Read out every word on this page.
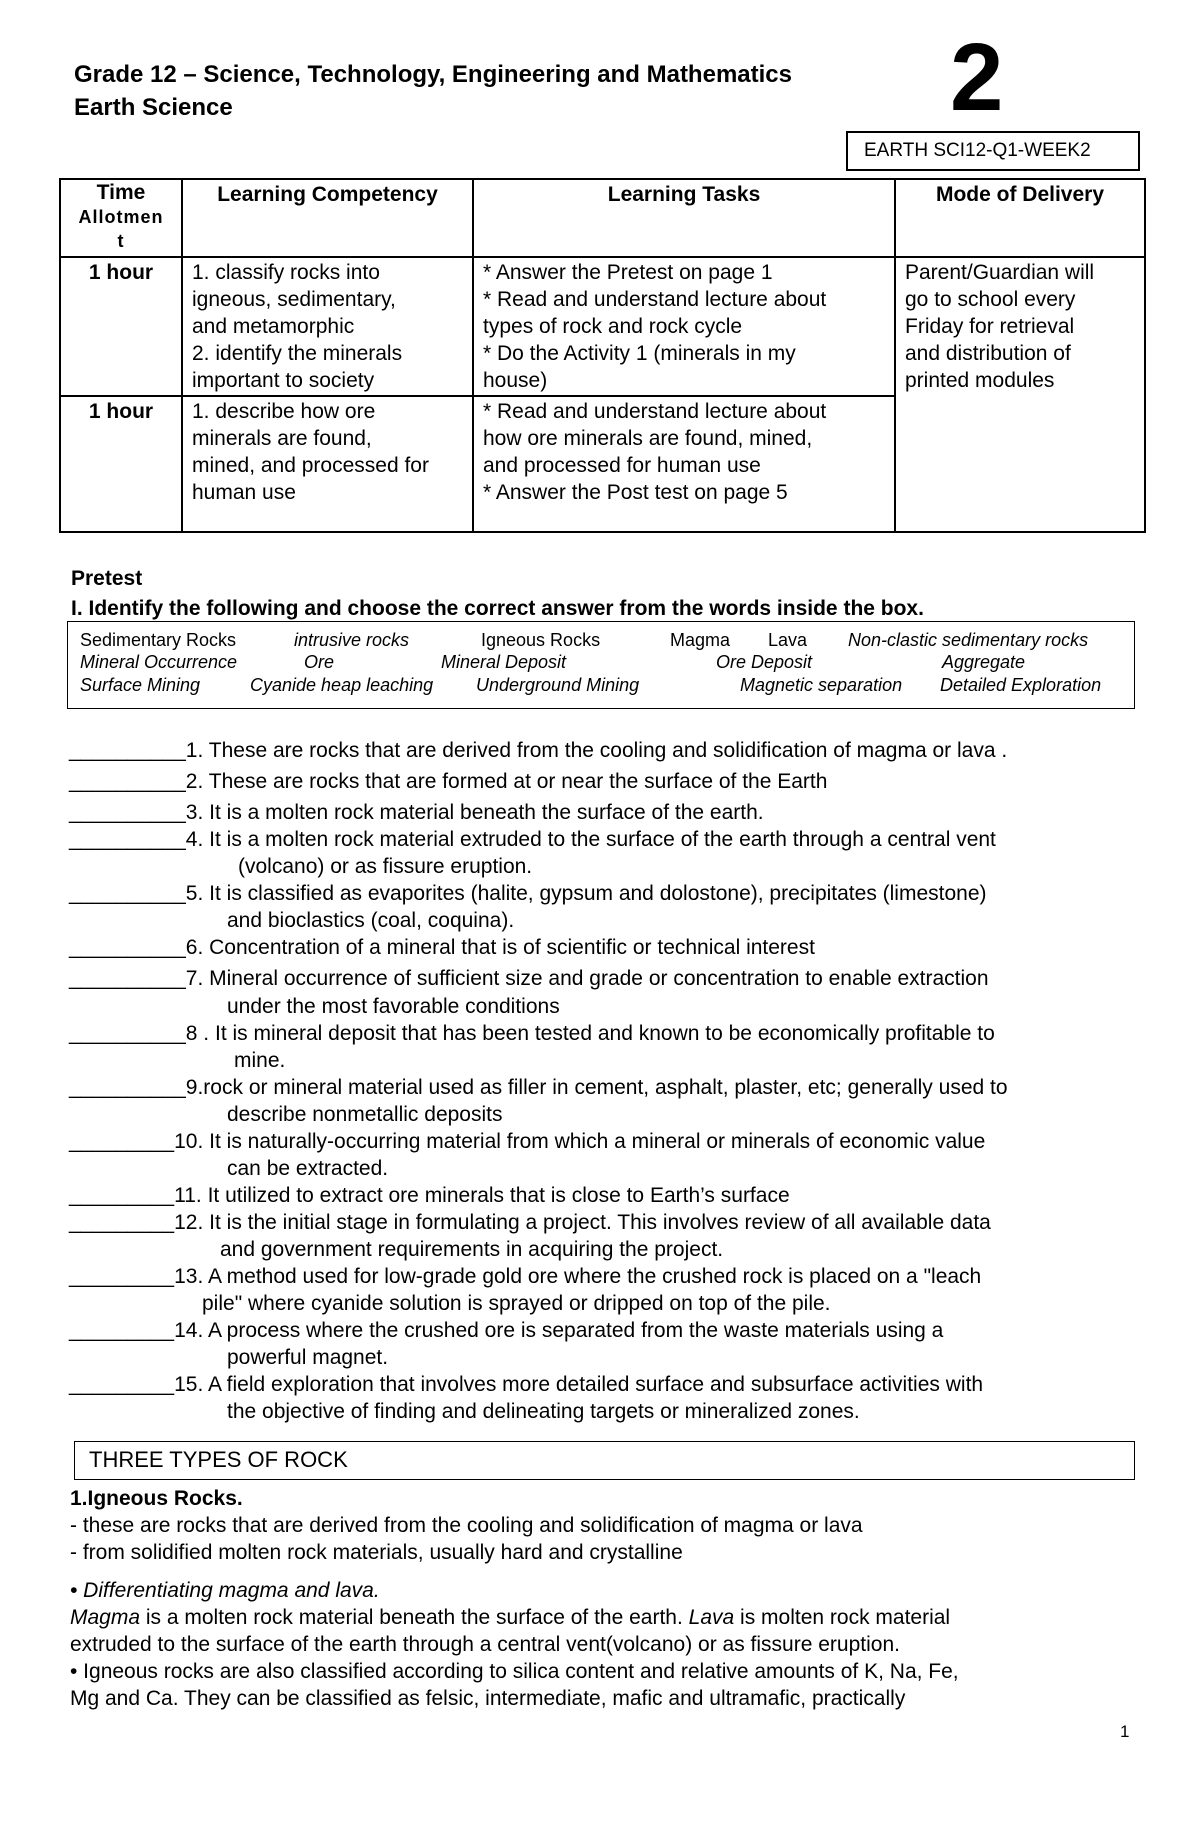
Grade 12 – Science, Technology, Engineering and Mathematics
Earth Science	2
EARTH SCI12-Q1-WEEK2
Time
Allotmen
t	Learning Competency	Learning Tasks	Mode of Delivery
1 hour	1. classify rocks into
igneous, sedimentary,
and metamorphic
2. identify the minerals
important to society	* Answer the Pretest on page 1
* Read and understand lecture about
types of rock and rock cycle
* Do the Activity 1 (minerals in my
house)	Parent/Guardian will
go to school every
Friday for retrieval
and distribution of
printed modules

1 hour	1. describe how ore
minerals are found,
mined, and processed for
human use	* Read and understand lecture about
how ore minerals are found, mined,
and processed for human use
* Answer the Post test on page 5	
Pretest
I. Identify the following and choose the correct answer from the words inside the box.
Sedimentary Rocks	intrusive rocks	Igneous Rocks	Magma Lava Non-clastic sedimentary rocks
Mineral Occurrence	Ore	Mineral Deposit	Ore Deposit	Aggregate
Surface Mining	Cyanide heap leaching Underground Mining	Magnetic separation Detailed Exploration
__________1. These are rocks that are derived from the cooling and solidification of magma or lava .
__________2. These are rocks that are formed at or near the surface of the Earth
__________3. It is a molten rock material beneath the surface of the earth.
__________4. It is a molten rock material extruded to the surface of the earth through a central vent
(volcano) or as fissure eruption.
__________5. It is classified as evaporites (halite, gypsum and dolostone), precipitates (limestone)
and bioclastics (coal, coquina).
__________6. Concentration of a mineral that is of scientific or technical interest
__________7. Mineral occurrence of sufficient size and grade or concentration to enable extraction
under the most favorable conditions
__________8 . It is mineral deposit that has been tested and known to be economically profitable to
mine.
__________9.rock or mineral material used as filler in cement, asphalt, plaster, etc; generally used to
describe nonmetallic deposits
_________10. It is naturally-occurring material from which a mineral or minerals of economic value
can be extracted.
_________11. It utilized to extract ore minerals that is close to Earth’s surface
_________12. It is the initial stage in formulating a project. This involves review of all available data
and government requirements in acquiring the project.
_________13. A method used for low-grade gold ore where the crushed rock is placed on a "leach
pile" where cyanide solution is sprayed or dripped on top of the pile.
_________14. A process where the crushed ore is separated from the waste materials using a
powerful magnet.
_________15. A field exploration that involves more detailed surface and subsurface activities with
the objective of finding and delineating targets or mineralized zones.
THREE TYPES OF ROCK
1.Igneous Rocks.
- these are rocks that are derived from the cooling and solidification of magma or lava
- from solidified molten rock materials, usually hard and crystalline
• Differentiating magma and lava.
Magma is a molten rock material beneath the surface of the earth. Lava is molten rock material
extruded to the surface of the earth through a central vent(volcano) or as fissure eruption.
• Igneous rocks are also classified according to silica content and relative amounts of K, Na, Fe,
Mg and Ca. They can be classified as felsic, intermediate, mafic and ultramafic, practically
1
